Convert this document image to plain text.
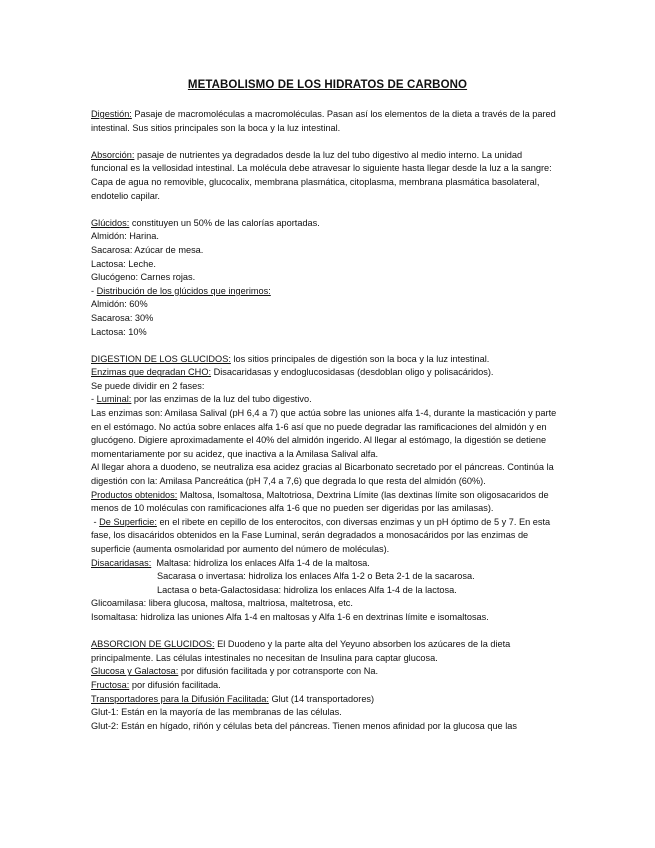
METABOLISMO DE LOS HIDRATOS DE CARBONO

Digestión: Pasaje de macromoléculas a macromoléculas. Pasan así los elementos de la dieta a través de la pared intestinal. Sus sitios principales son la boca y la luz intestinal.

Absorción: pasaje de nutrientes ya degradados desde la luz del tubo digestivo al medio interno. La unidad funcional es la vellosidad intestinal. La molécula debe atravesar lo siguiente hasta llegar desde la luz a la sangre: Capa de agua no removible, glucocalix, membrana plasmática, citoplasma, membrana plasmática basolateral, endotelio capilar.

Glúcidos: constituyen un 50% de las calorías aportadas.

Almidón: Harina.

Sacarosa: Azúcar de mesa.

Lactosa: Leche.

Glucógeno: Carnes rojas.

- Distribución de los glúcidos que ingerimos:

Almidón: 60%

Sacarosa: 30%

Lactosa: 10%

DIGESTION DE LOS GLUCIDOS: los sitios principales de digestión son la boca y la luz intestinal.

Enzimas que degradan CHO: Disacaridasas y endoglucosidasas (desdoblan oligo y polisacáridos).

Se puede dividir en 2 fases:

- Luminal: por las enzimas de la luz del tubo digestivo.

Las enzimas son: Amilasa Salival (pH 6,4 a 7) que actúa sobre las uniones alfa 1-4, durante la masticación y parte en el estómago. No actúa sobre enlaces alfa 1-6 así que no puede degradar las ramificaciones del almidón y en glucógeno. Digiere aproximadamente el 40% del almidón ingerido. Al llegar al estómago, la digestión se detiene momentariamente por su acidez, que inactiva a la Amilasa Salival alfa.

Al llegar ahora a duodeno, se neutraliza esa acidez gracias al Bicarbonato secretado por el páncreas. Continúa la digestión con la: Amilasa Pancreática (pH 7,4 a 7,6) que degrada lo que resta del almidón (60%).

Productos obtenidos: Maltosa, Isomaltosa, Maltotriosa, Dextrina Límite (las dextinas límite son oligosacaridos de menos de 10 moléculas con ramificaciones alfa 1-6 que no pueden ser digeridas por las amilasas).

- De Superficie: en el ribete en cepillo de los enterocitos, con diversas enzimas y un pH óptimo de 5 y 7. En esta fase, los disacáridos obtenidos en la Fase Luminal, serán degradados a monosacáridos por las enzimas de superficie (aumenta osmolaridad por aumento del número de moléculas).

Disacaridasas:  Maltasa: hidroliza los enlaces Alfa 1-4 de la maltosa.

Sacarasa o invertasa: hidroliza los enlaces Alfa 1-2 o Beta 2-1 de la sacarosa.

Lactasa o beta-Galactosidasa: hidroliza los enlaces Alfa 1-4 de la lactosa.

Glicoamilasa: libera glucosa, maltosa, maltriosa, maltetrosa, etc.

Isomaltasa: hidroliza las uniones Alfa 1-4 en maltosas y Alfa 1-6 en dextrinas límite e isomaltosas.

ABSORCION DE GLUCIDOS: El Duodeno y la parte alta del Yeyuno absorben los azúcares de la dieta principalmente. Las células intestinales no necesitan de Insulina para captar glucosa.

Glucosa y Galactosa: por difusión facilitada y por cotransporte con Na.

Fructosa: por difusión facilitada.

Transportadores para la Difusión Facilitada: Glut (14 transportadores)

Glut-1: Están en la mayoría de las membranas de las células.

Glut-2: Están en hígado, riñón y células beta del páncreas. Tienen menos afinidad por la glucosa que las
